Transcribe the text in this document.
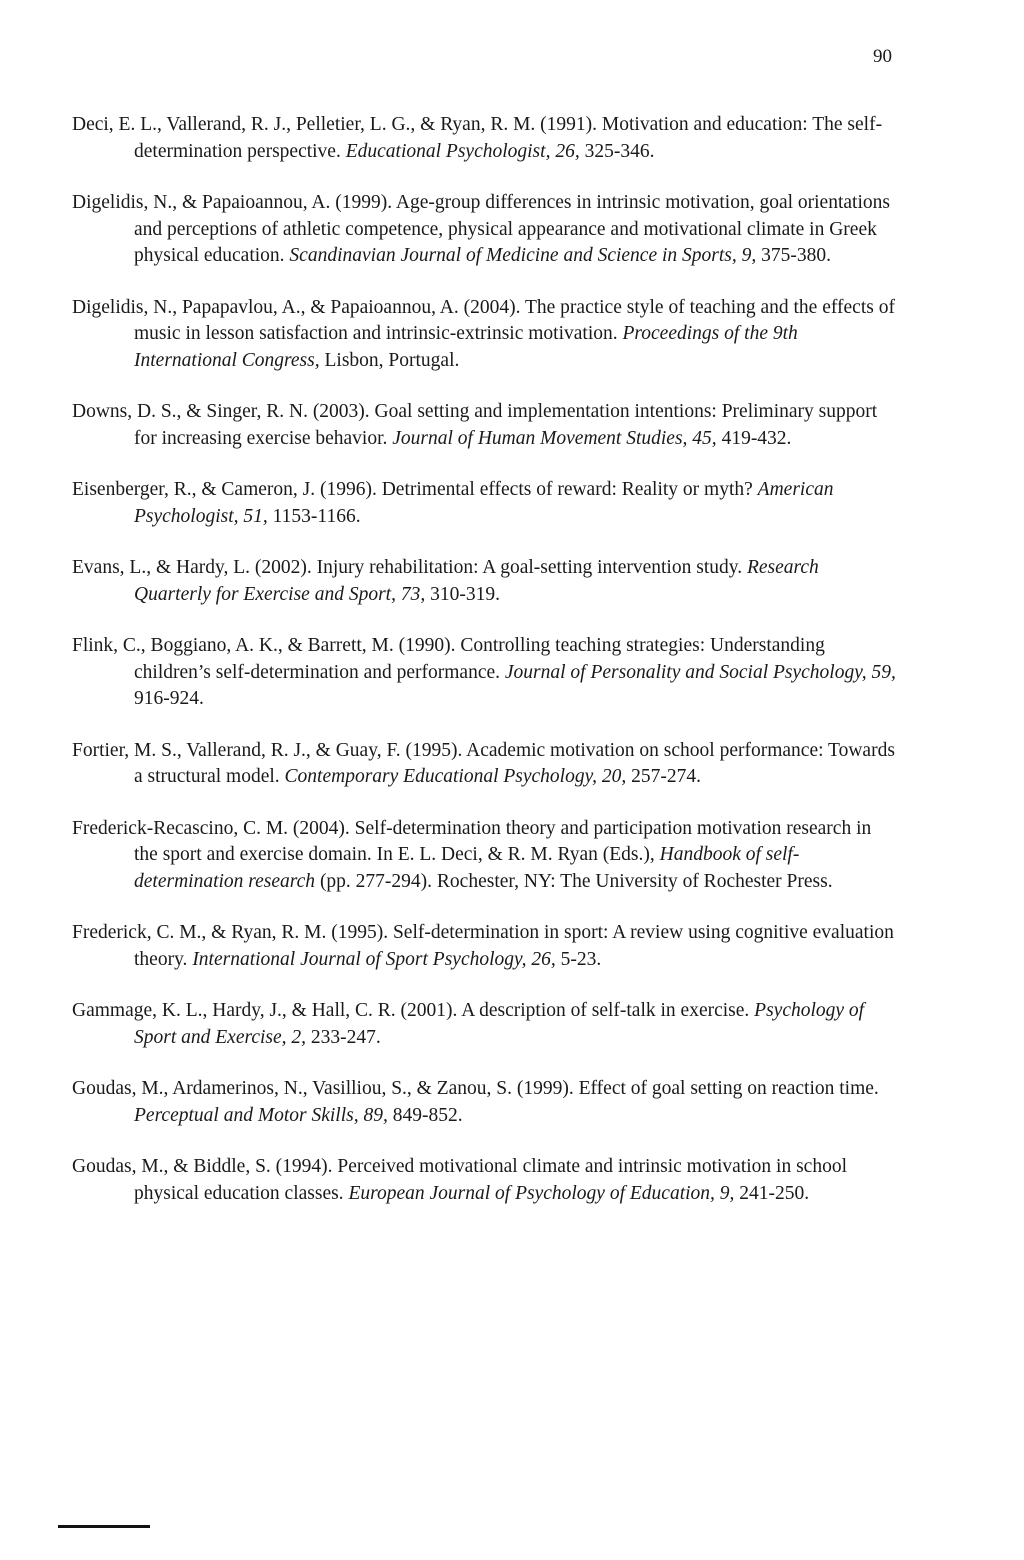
90

Deci, E. L., Vallerand, R. J., Pelletier, L. G., & Ryan, R. M. (1991). Motivation and education: The self-determination perspective. Educational Psychologist, 26, 325-346.

Digelidis, N., & Papaioannou, A. (1999). Age-group differences in intrinsic motivation, goal orientations and perceptions of athletic competence, physical appearance and motivational climate in Greek physical education. Scandinavian Journal of Medicine and Science in Sports, 9, 375-380.

Digelidis, N., Papapavlou, A., & Papaioannou, A. (2004). The practice style of teaching and the effects of music in lesson satisfaction and intrinsic-extrinsic motivation. Proceedings of the 9th International Congress, Lisbon, Portugal.

Downs, D. S., & Singer, R. N. (2003). Goal setting and implementation intentions: Preliminary support for increasing exercise behavior. Journal of Human Movement Studies, 45, 419-432.

Eisenberger, R., & Cameron, J. (1996). Detrimental effects of reward: Reality or myth? American Psychologist, 51, 1153-1166.

Evans, L., & Hardy, L. (2002). Injury rehabilitation: A goal-setting intervention study. Research Quarterly for Exercise and Sport, 73, 310-319.

Flink, C., Boggiano, A. K., & Barrett, M. (1990). Controlling teaching strategies: Understanding children’s self-determination and performance. Journal of Personality and Social Psychology, 59, 916-924.

Fortier, M. S., Vallerand, R. J., & Guay, F. (1995). Academic motivation on school performance: Towards a structural model. Contemporary Educational Psychology, 20, 257-274.

Frederick-Recascino, C. M. (2004). Self-determination theory and participation motivation research in the sport and exercise domain. In E. L. Deci, & R. M. Ryan (Eds.), Handbook of self-determination research (pp. 277-294). Rochester, NY: The University of Rochester Press.

Frederick, C. M., & Ryan, R. M. (1995). Self-determination in sport: A review using cognitive evaluation theory. International Journal of Sport Psychology, 26, 5-23.

Gammage, K. L., Hardy, J., & Hall, C. R. (2001). A description of self-talk in exercise. Psychology of Sport and Exercise, 2, 233-247.

Goudas, M., Ardamerinos, N., Vasilliou, S., & Zanou, S. (1999). Effect of goal setting on reaction time. Perceptual and Motor Skills, 89, 849-852.

Goudas, M., & Biddle, S. (1994). Perceived motivational climate and intrinsic motivation in school physical education classes. European Journal of Psychology of Education, 9, 241-250.
